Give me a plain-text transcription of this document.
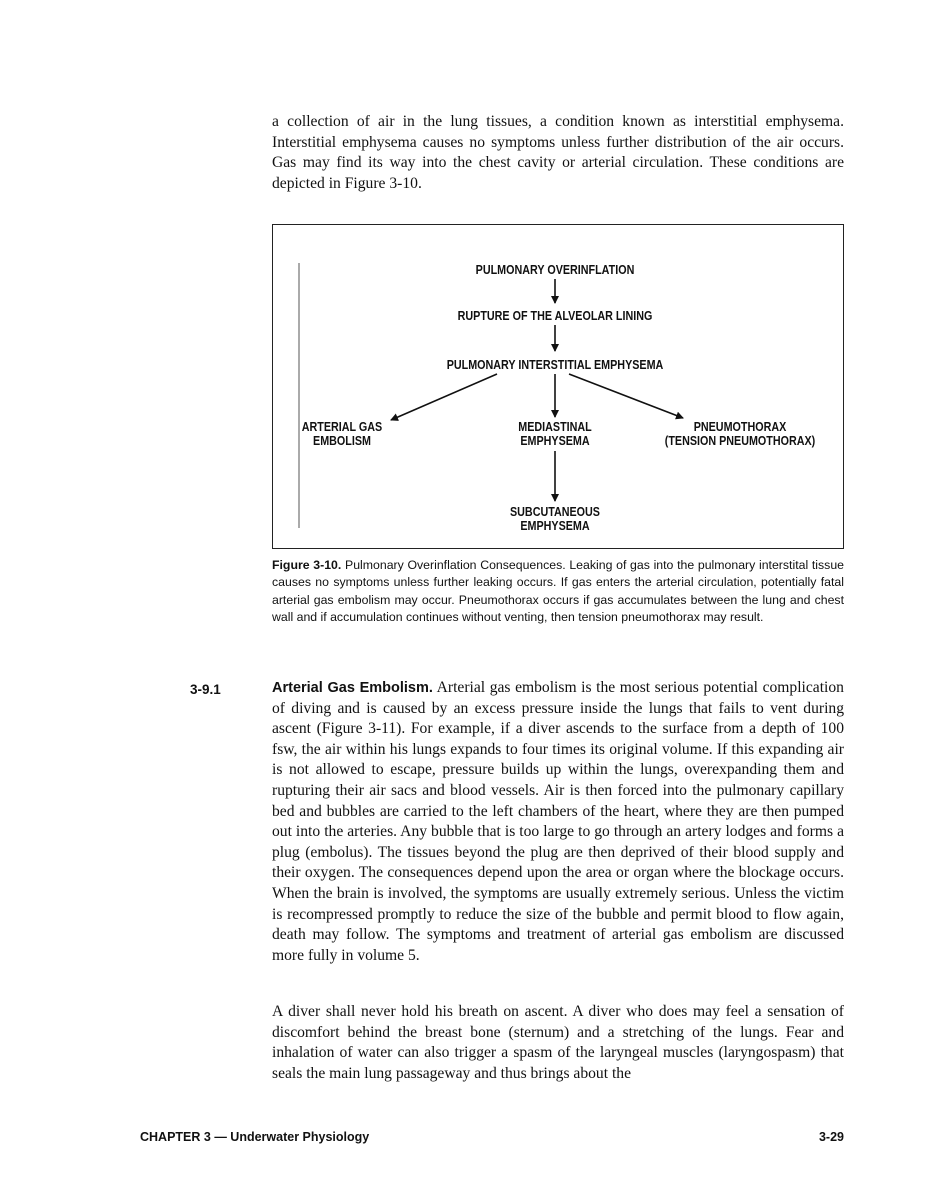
a collection of air in the lung tissues, a condition known as interstitial emphysema. Interstitial emphysema causes no symptoms unless further distribution of the air occurs. Gas may find its way into the chest cavity or arterial circulation. These conditions are depicted in Figure 3-10.
PULMONARY OVERINFLATION
RUPTURE OF THE ALVEOLAR LINING
PULMONARY INTERSTITIAL EMPHYSEMA
ARTERIAL GAS
EMBOLISM
MEDIASTINAL
EMPHYSEMA
PNEUMOTHORAX
(TENSION PNEUMOTHORAX)
SUBCUTANEOUS
EMPHYSEMA
Figure 3-10. Pulmonary Overinflation Consequences. Leaking of gas into the pulmonary interstital tissue causes no symptoms unless further leaking occurs. If gas enters the arterial circulation, potentially fatal arterial gas embolism may occur. Pneumothorax occurs if gas accumulates between the lung and chest wall and if accumulation continues without venting, then tension pneumothorax may result.
3-9.1	Arterial Gas Embolism. Arterial gas embolism is the most serious potential complication of diving and is caused by an excess pressure inside the lungs that fails to vent during ascent (Figure 3-11). For example, if a diver ascends to the surface from a depth of 100 fsw, the air within his lungs expands to four times its original volume. If this expanding air is not allowed to escape, pressure builds up within the lungs, overexpanding them and rupturing their air sacs and blood vessels. Air is then forced into the pulmonary capillary bed and bubbles are carried to the left chambers of the heart, where they are then pumped out into the arteries. Any bubble that is too large to go through an artery lodges and forms a plug (embolus). The tissues beyond the plug are then deprived of their blood supply and their oxygen. The consequences depend upon the area or organ where the blockage occurs. When the brain is involved, the symptoms are usually extremely serious. Unless the victim is recompressed promptly to reduce the size of the bubble and permit blood to flow again, death may follow. The symptoms and treatment of arterial gas embolism are discussed more fully in volume 5.
A diver shall never hold his breath on ascent. A diver who does may feel a sensation of discomfort behind the breast bone (sternum) and a stretching of the lungs. Fear and inhalation of water can also trigger a spasm of the laryngeal muscles (laryngospasm) that seals the main lung passageway and thus brings about the
CHAPTER 3 — Underwater Physiology	3-29
